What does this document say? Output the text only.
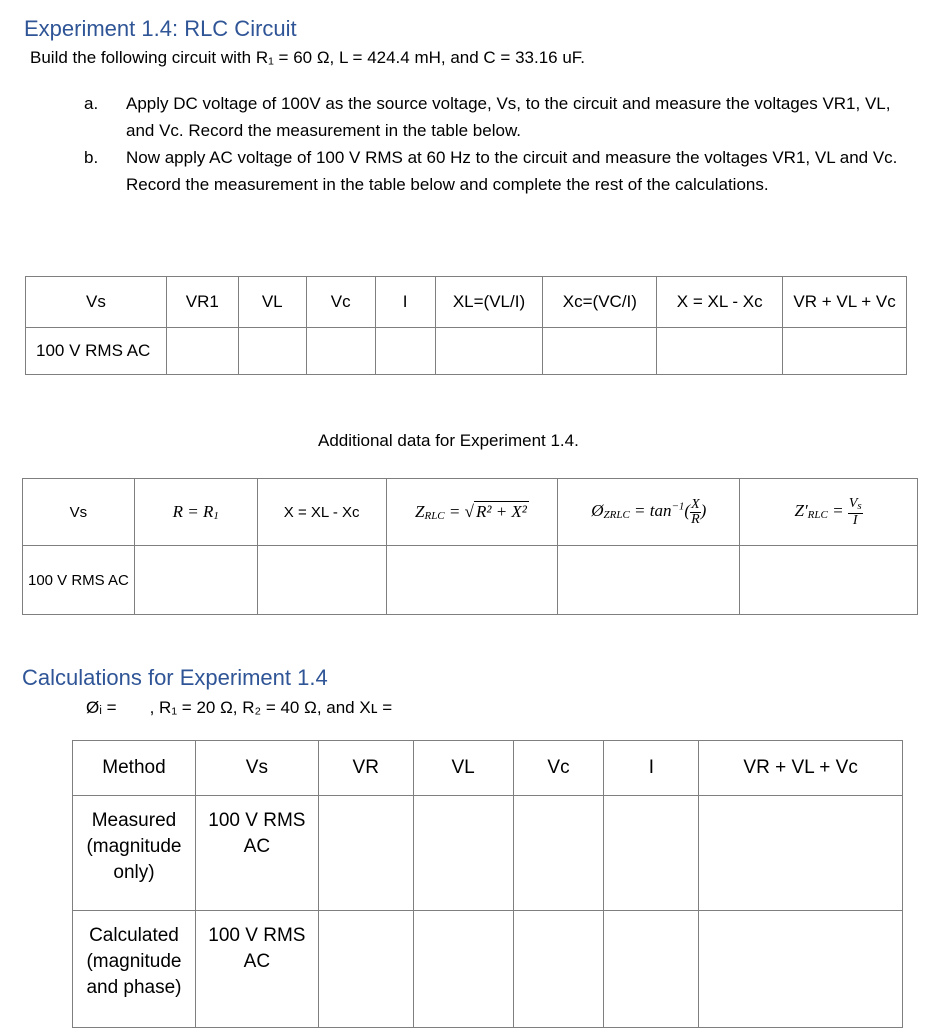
Experiment 1.4: RLC Circuit
Build the following circuit with R₁ = 60 Ω, L = 424.4 mH, and C = 33.16 uF.
a.	Apply DC voltage of 100V as the source voltage, Vs, to the circuit and measure the voltages VR1, VL, and Vc. Record the measurement in the table below.
b.	Now apply AC voltage of 100 V RMS at 60 Hz to the circuit and measure the voltages VR1, VL and Vc. Record the measurement in the table below and complete the rest of the calculations.
Vs	VR1	VL	Vc	I	XL=(VL/I)	Xc=(VC/I)	X = XL - Xc	VR + VL + Vc
100 V RMS AC								
Additional data for Experiment 1.4.
Vs	$R = R_1$	X = XL - Xc	$Z_{RLC}$ = √ R² + X²	$Ø_{ZRLC} = \tan^{-1}( \frac{X}{R}$ )	$Z'_{RLC} = \frac{V_s}{I}$

100 V RMS AC					
Calculations for Experiment 1.4
Øᵢ =       , R₁ = 20 Ω, R₂ = 40 Ω, and Xʟ =
Method	Vs	VR	VL	Vc	I	VR + VL + Vc
Measured (magnitude only)	100 V RMS AC					
Calculated (magnitude and phase)	100 V RMS AC					
